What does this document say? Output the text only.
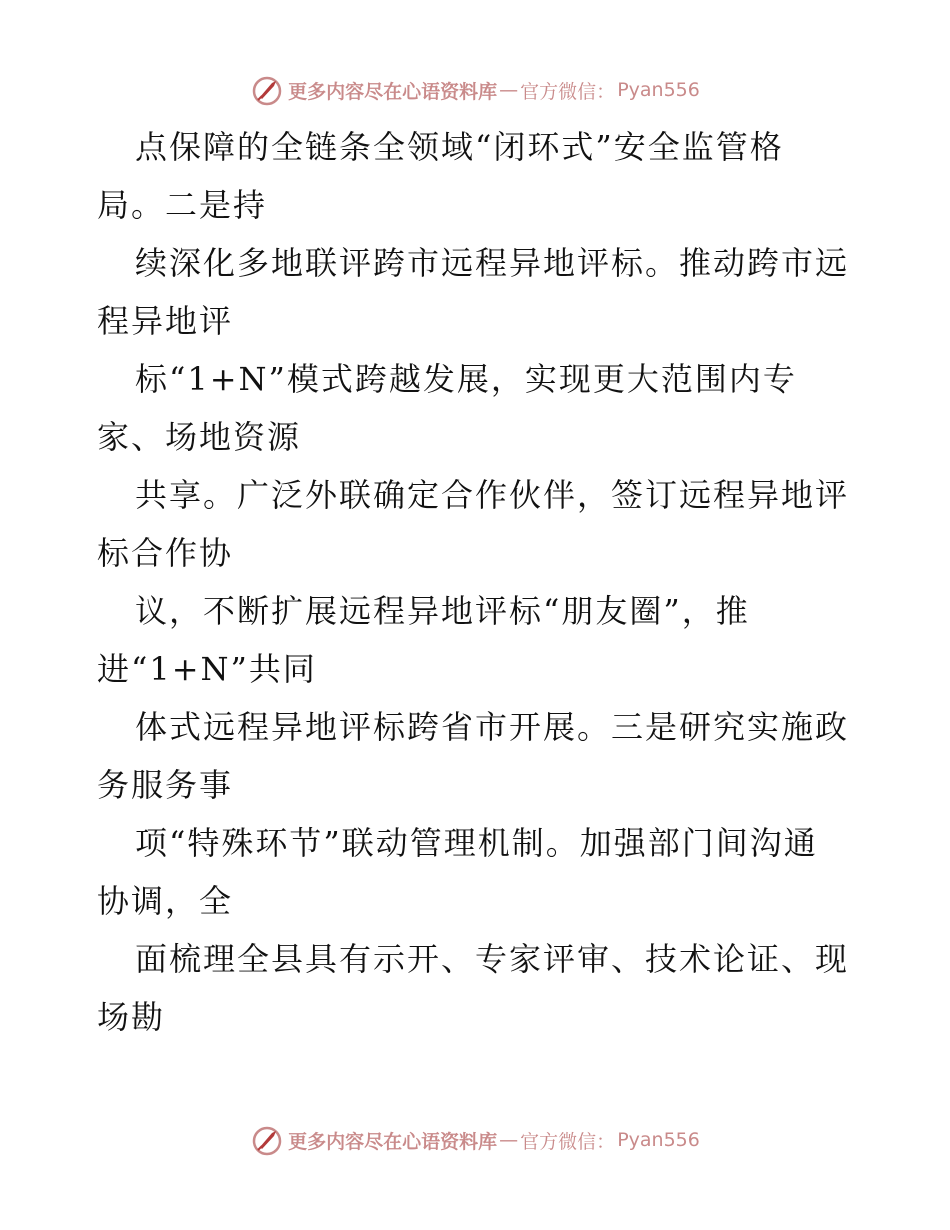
更多内容尽在心语资料库 — 官方微信： Pyan556
点保障的全链条全领域“闭环式”安全监管格
局。二是持
续深化多地联评跨市远程异地评标。推动跨市远
程异地评
标“1+N”模式跨越发展，实现更大范围内专
家、场地资源
共享。广泛外联确定合作伙伴，签订远程异地评
标合作协
议，不断扩展远程异地评标“朋友圈”，推
进“1+N”共同
体式远程异地评标跨省市开展。三是研究实施政
务服务事
项“特殊环节”联动管理机制。加强部门间沟通
协调，全
面梳理全县具有示开、专家评审、技术论证、现
场勘
更多内容尽在心语资料库 — 官方微信： Pyan556
